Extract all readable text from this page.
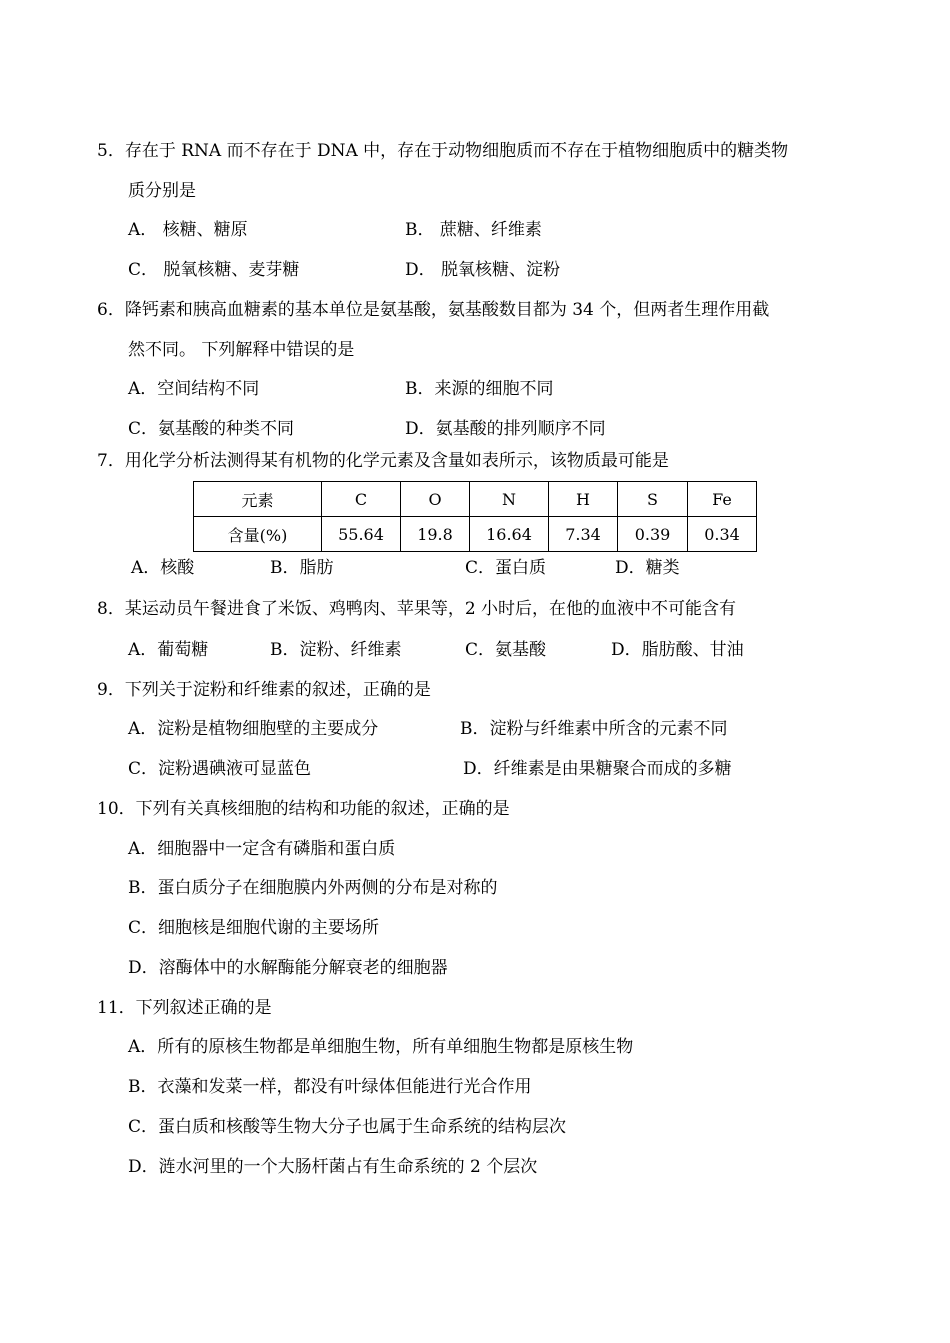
5．存在于 RNA 而不存在于 DNA 中，存在于动物细胞质而不存在于植物细胞质中的糖类物
质分别是
A． 核糖、糖原	B． 蔗糖、纤维素
C． 脱氧核糖、麦芽糖	D． 脱氧核糖、淀粉
6．降钙素和胰高血糖素的基本单位是氨基酸，氨基酸数目都为 34 个，但两者生理作用截
然不同。 下列解释中错误的是
A．空间结构不同	B．来源的细胞不同
C．氨基酸的种类不同	D．氨基酸的排列顺序不同
7．用化学分析法测得某有机物的化学元素及含量如表所示，该物质最可能是
元素	C	O	N	H	S	Fe
含量(%)	55.64	19.8	16.64	7.34	0.39	0.34
A．核酸	B．脂肪	C．蛋白质	D．糖类
8．某运动员午餐进食了米饭、鸡鸭肉、苹果等，2 小时后，在他的血液中不可能含有
A．葡萄糖	B．淀粉、纤维素	C．氨基酸	D．脂肪酸、甘油
9．下列关于淀粉和纤维素的叙述，正确的是
A．淀粉是植物细胞壁的主要成分	B．淀粉与纤维素中所含的元素不同
C．淀粉遇碘液可显蓝色	D．纤维素是由果糖聚合而成的多糖
10．下列有关真核细胞的结构和功能的叙述，正确的是
A．细胞器中一定含有磷脂和蛋白质
B．蛋白质分子在细胞膜内外两侧的分布是对称的
C．细胞核是细胞代谢的主要场所
D．溶酶体中的水解酶能分解衰老的细胞器
11．下列叙述正确的是
A．所有的原核生物都是单细胞生物，所有单细胞生物都是原核生物
B．衣藻和发菜一样，都没有叶绿体但能进行光合作用
C．蛋白质和核酸等生物大分子也属于生命系统的结构层次
D．涟水河里的一个大肠杆菌占有生命系统的 2 个层次
